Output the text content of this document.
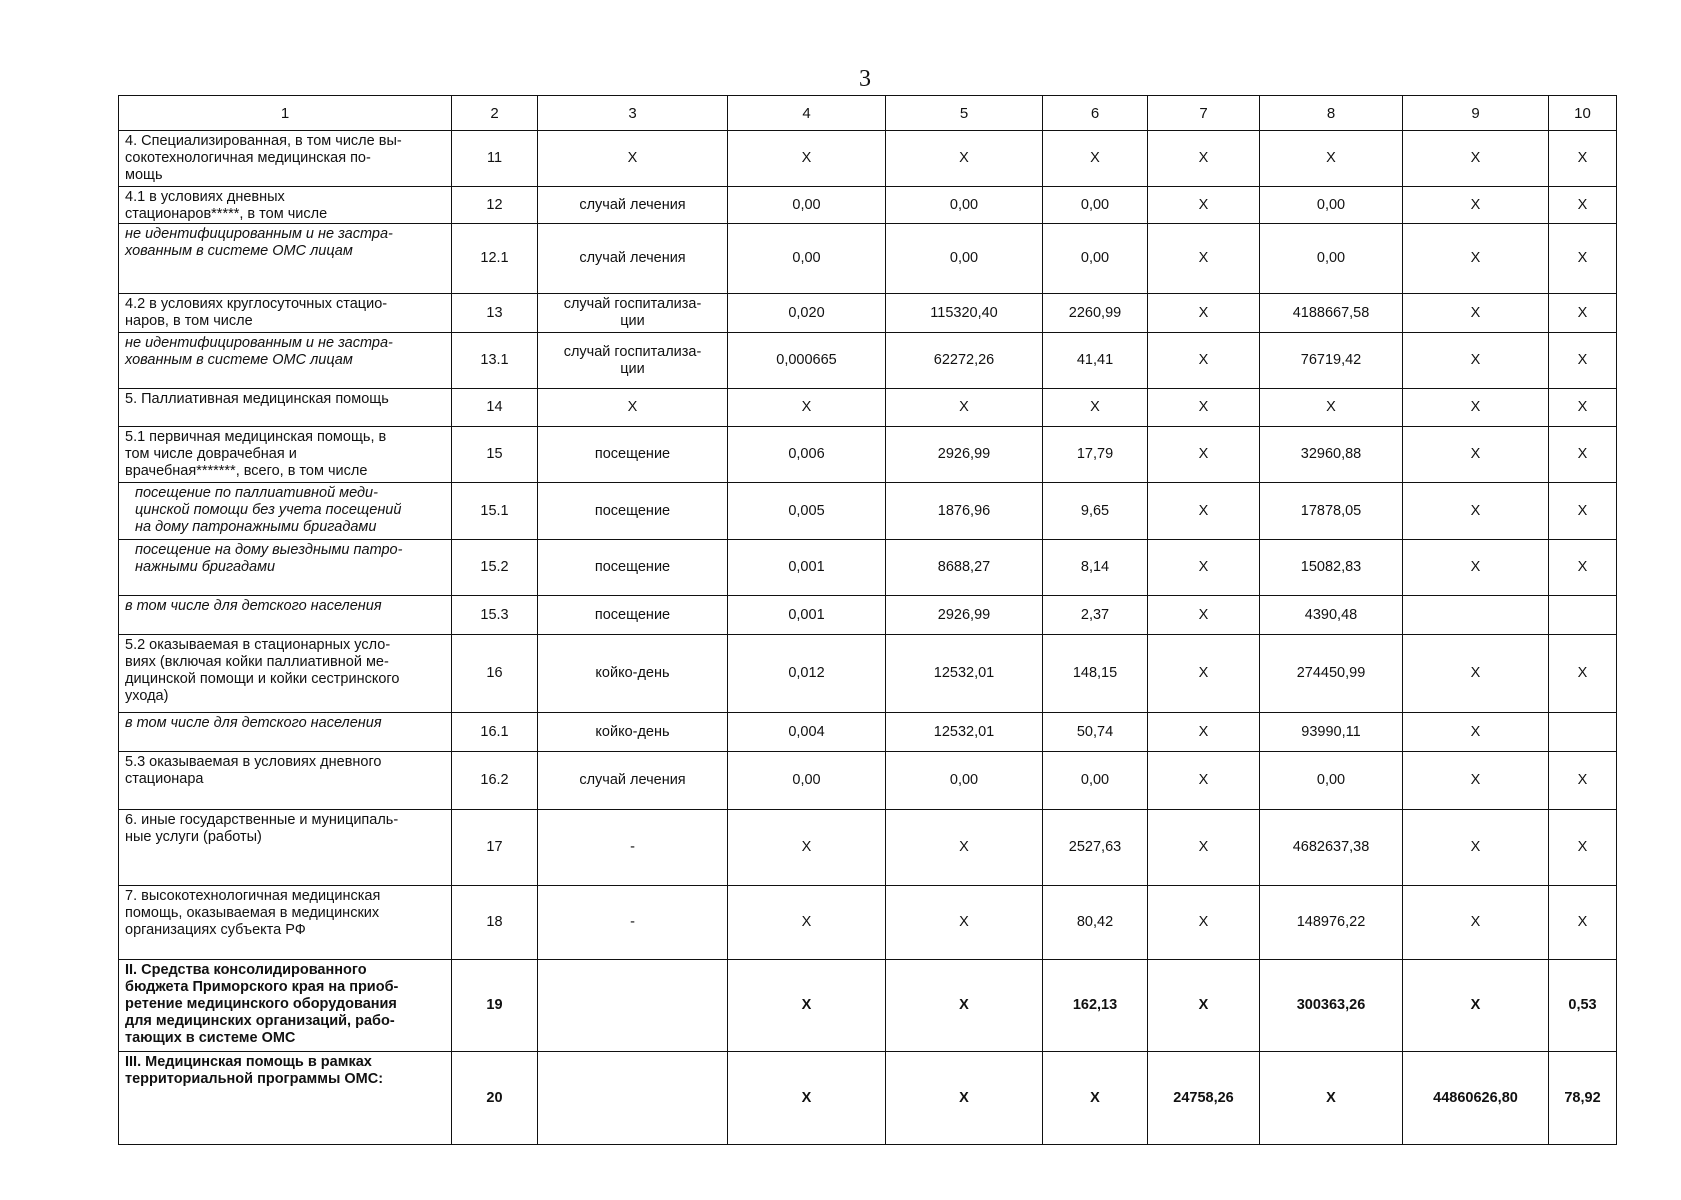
3
1	2	3	4	5	6	7	8	9	10
4. Специализированная, в том числе вы-
сокотехнологичная медицинская по-
мощь	11	X	X	X	X	X	X	X	X
4.1 в условиях дневных
стационаров*****, в том числе	12	случай лечения	0,00	0,00	0,00	X	0,00	X	X
не идентифицированным и не застра-
хованным в системе ОМС лицам	12.1	случай лечения	0,00	0,00	0,00	X	0,00	X	X
4.2 в условиях круглосуточных стацио-
наров, в том числе	13	случай госпитализа-
ции	0,020	115320,40	2260,99	X	4188667,58	X	X
не идентифицированным и не застра-
хованным в системе ОМС лицам	13.1	случай госпитализа-
ции	0,000665	62272,26	41,41	X	76719,42	X	X
5. Паллиативная медицинская помощь	14	X	X	X	X	X	X	X	X
5.1 первичная медицинская помощь, в
том числе доврачебная и
врачебная*******, всего, в том числе	15	посещение	0,006	2926,99	17,79	X	32960,88	X	X
посещение по паллиативной меди-
цинской помощи без учета посещений
на дому патронажными бригадами	15.1	посещение	0,005	1876,96	9,65	X	17878,05	X	X
посещение на дому выездными патро-
нажными бригадами	15.2	посещение	0,001	8688,27	8,14	X	15082,83	X	X
в том числе для детского населения	15.3	посещение	0,001	2926,99	2,37	X	4390,48		
5.2 оказываемая в стационарных усло-
виях (включая койки паллиативной ме-
дицинской помощи и койки сестринского
ухода)	16	койко-день	0,012	12532,01	148,15	X	274450,99	X	X
в том числе для детского населения	16.1	койко-день	0,004	12532,01	50,74	X	93990,11	X	
5.3 оказываемая в условиях дневного
стационара	16.2	случай лечения	0,00	0,00	0,00	X	0,00	X	X
6. иные государственные и муниципаль-
ные услуги (работы)	17	-	X	X	2527,63	X	4682637,38	X	X
7. высокотехнологичная медицинская
помощь, оказываемая в медицинских
организациях субъекта РФ	18	-	X	X	80,42	X	148976,22	X	X
II. Средства консолидированного
бюджета Приморского края на приоб-
ретение медицинского оборудования
для медицинских организаций, рабо-
тающих в системе ОМС	19		X	X	162,13	X	300363,26	X	0,53
III. Медицинская помощь в рамках
территориальной программы ОМС:	20		X	X	X	24758,26	X	44860626,80	78,92
